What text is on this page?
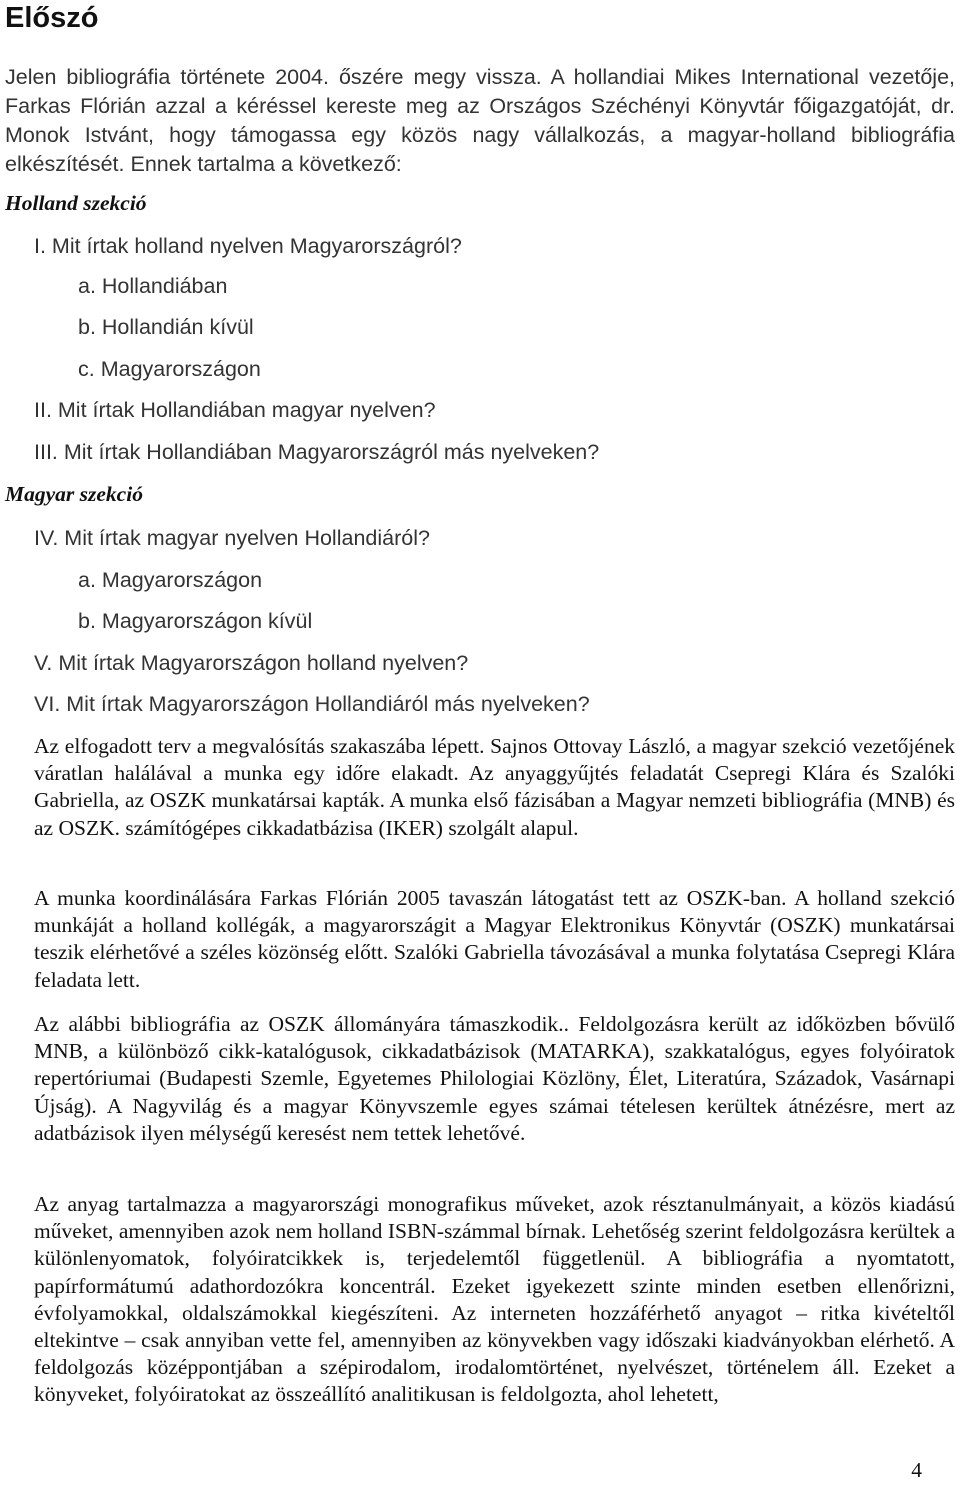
Előszó

Jelen bibliográfia története 2004. őszére megy vissza. A hollandiai Mikes International vezetője, Farkas Flórián azzal a kéréssel kereste meg az Országos Széchényi Könyvtár főigazgatóját, dr. Monok Istvánt, hogy támogassa egy közös nagy vállalkozás, a magyar-holland bibliográfia elkészítését. Ennek tartalma a következő:

Holland szekció

I. Mit írtak holland nyelven Magyarországról?

a. Hollandiában

b. Hollandián kívül

c. Magyarországon

II. Mit írtak Hollandiában magyar nyelven?

III. Mit írtak Hollandiában Magyarországról más nyelveken?

Magyar szekció

IV. Mit írtak magyar nyelven Hollandiáról?

a. Magyarországon

b. Magyarországon kívül

V. Mit írtak Magyarországon holland nyelven?

VI. Mit írtak Magyarországon Hollandiáról más nyelveken?

Az elfogadott terv a megvalósítás szakaszába lépett. Sajnos Ottovay László, a magyar szekció vezetőjének váratlan halálával a munka egy időre elakadt. Az anyaggyűjtés feladatát Csepregi Klára és Szalóki Gabriella, az OSZK munkatársai kapták. A munka első fázisában a Magyar nemzeti bibliográfia (MNB) és az OSZK. számítógépes cikkadatbázisa (IKER) szolgált alapul.

A munka koordinálására Farkas Flórián 2005 tavaszán látogatást tett az OSZK-ban. A holland szekció munkáját a holland kollégák, a magyarországit a Magyar Elektronikus Könyvtár (OSZK) munkatársai teszik elérhetővé a széles közönség előtt. Szalóki Gabriella távozásával a munka folytatása Csepregi Klára feladata lett.

Az alábbi bibliográfia az OSZK állományára támaszkodik.. Feldolgozásra került az időközben bővülő MNB, a különböző cikk-katalógusok, cikkadatbázisok (MATARKA), szakkatalógus, egyes folyóiratok repertóriumai (Budapesti Szemle, Egyetemes Philologiai Közlöny, Élet, Literatúra, Századok, Vasárnapi Újság). A Nagyvilág és a magyar Könyvszemle egyes számai tételesen kerültek átnézésre, mert az adatbázisok ilyen mélységű keresést nem tettek lehetővé.

Az anyag tartalmazza a magyarországi monografikus műveket, azok résztanulmányait, a közös kiadású műveket, amennyiben azok nem holland ISBN-számmal bírnak. Lehetőség szerint feldolgozásra kerültek a különlenyomatok, folyóiratcikkek is, terjedelemtől függetlenül. A bibliográfia a nyomtatott, papírformátumú adathordozókra koncentrál. Ezeket igyekezett szinte minden esetben ellenőrizni, évfolyamokkal, oldalszámokkal kiegészíteni. Az interneten hozzáférhető anyagot – ritka kivételtől eltekintve – csak annyiban vette fel, amennyiben az könyvekben vagy időszaki kiadványokban elérhető. A feldolgozás középpontjában a szépirodalom, irodalomtörténet, nyelvészet, történelem áll. Ezeket a könyveket, folyóiratokat az összeállító analitikusan is feldolgozta, ahol lehetett,

4
